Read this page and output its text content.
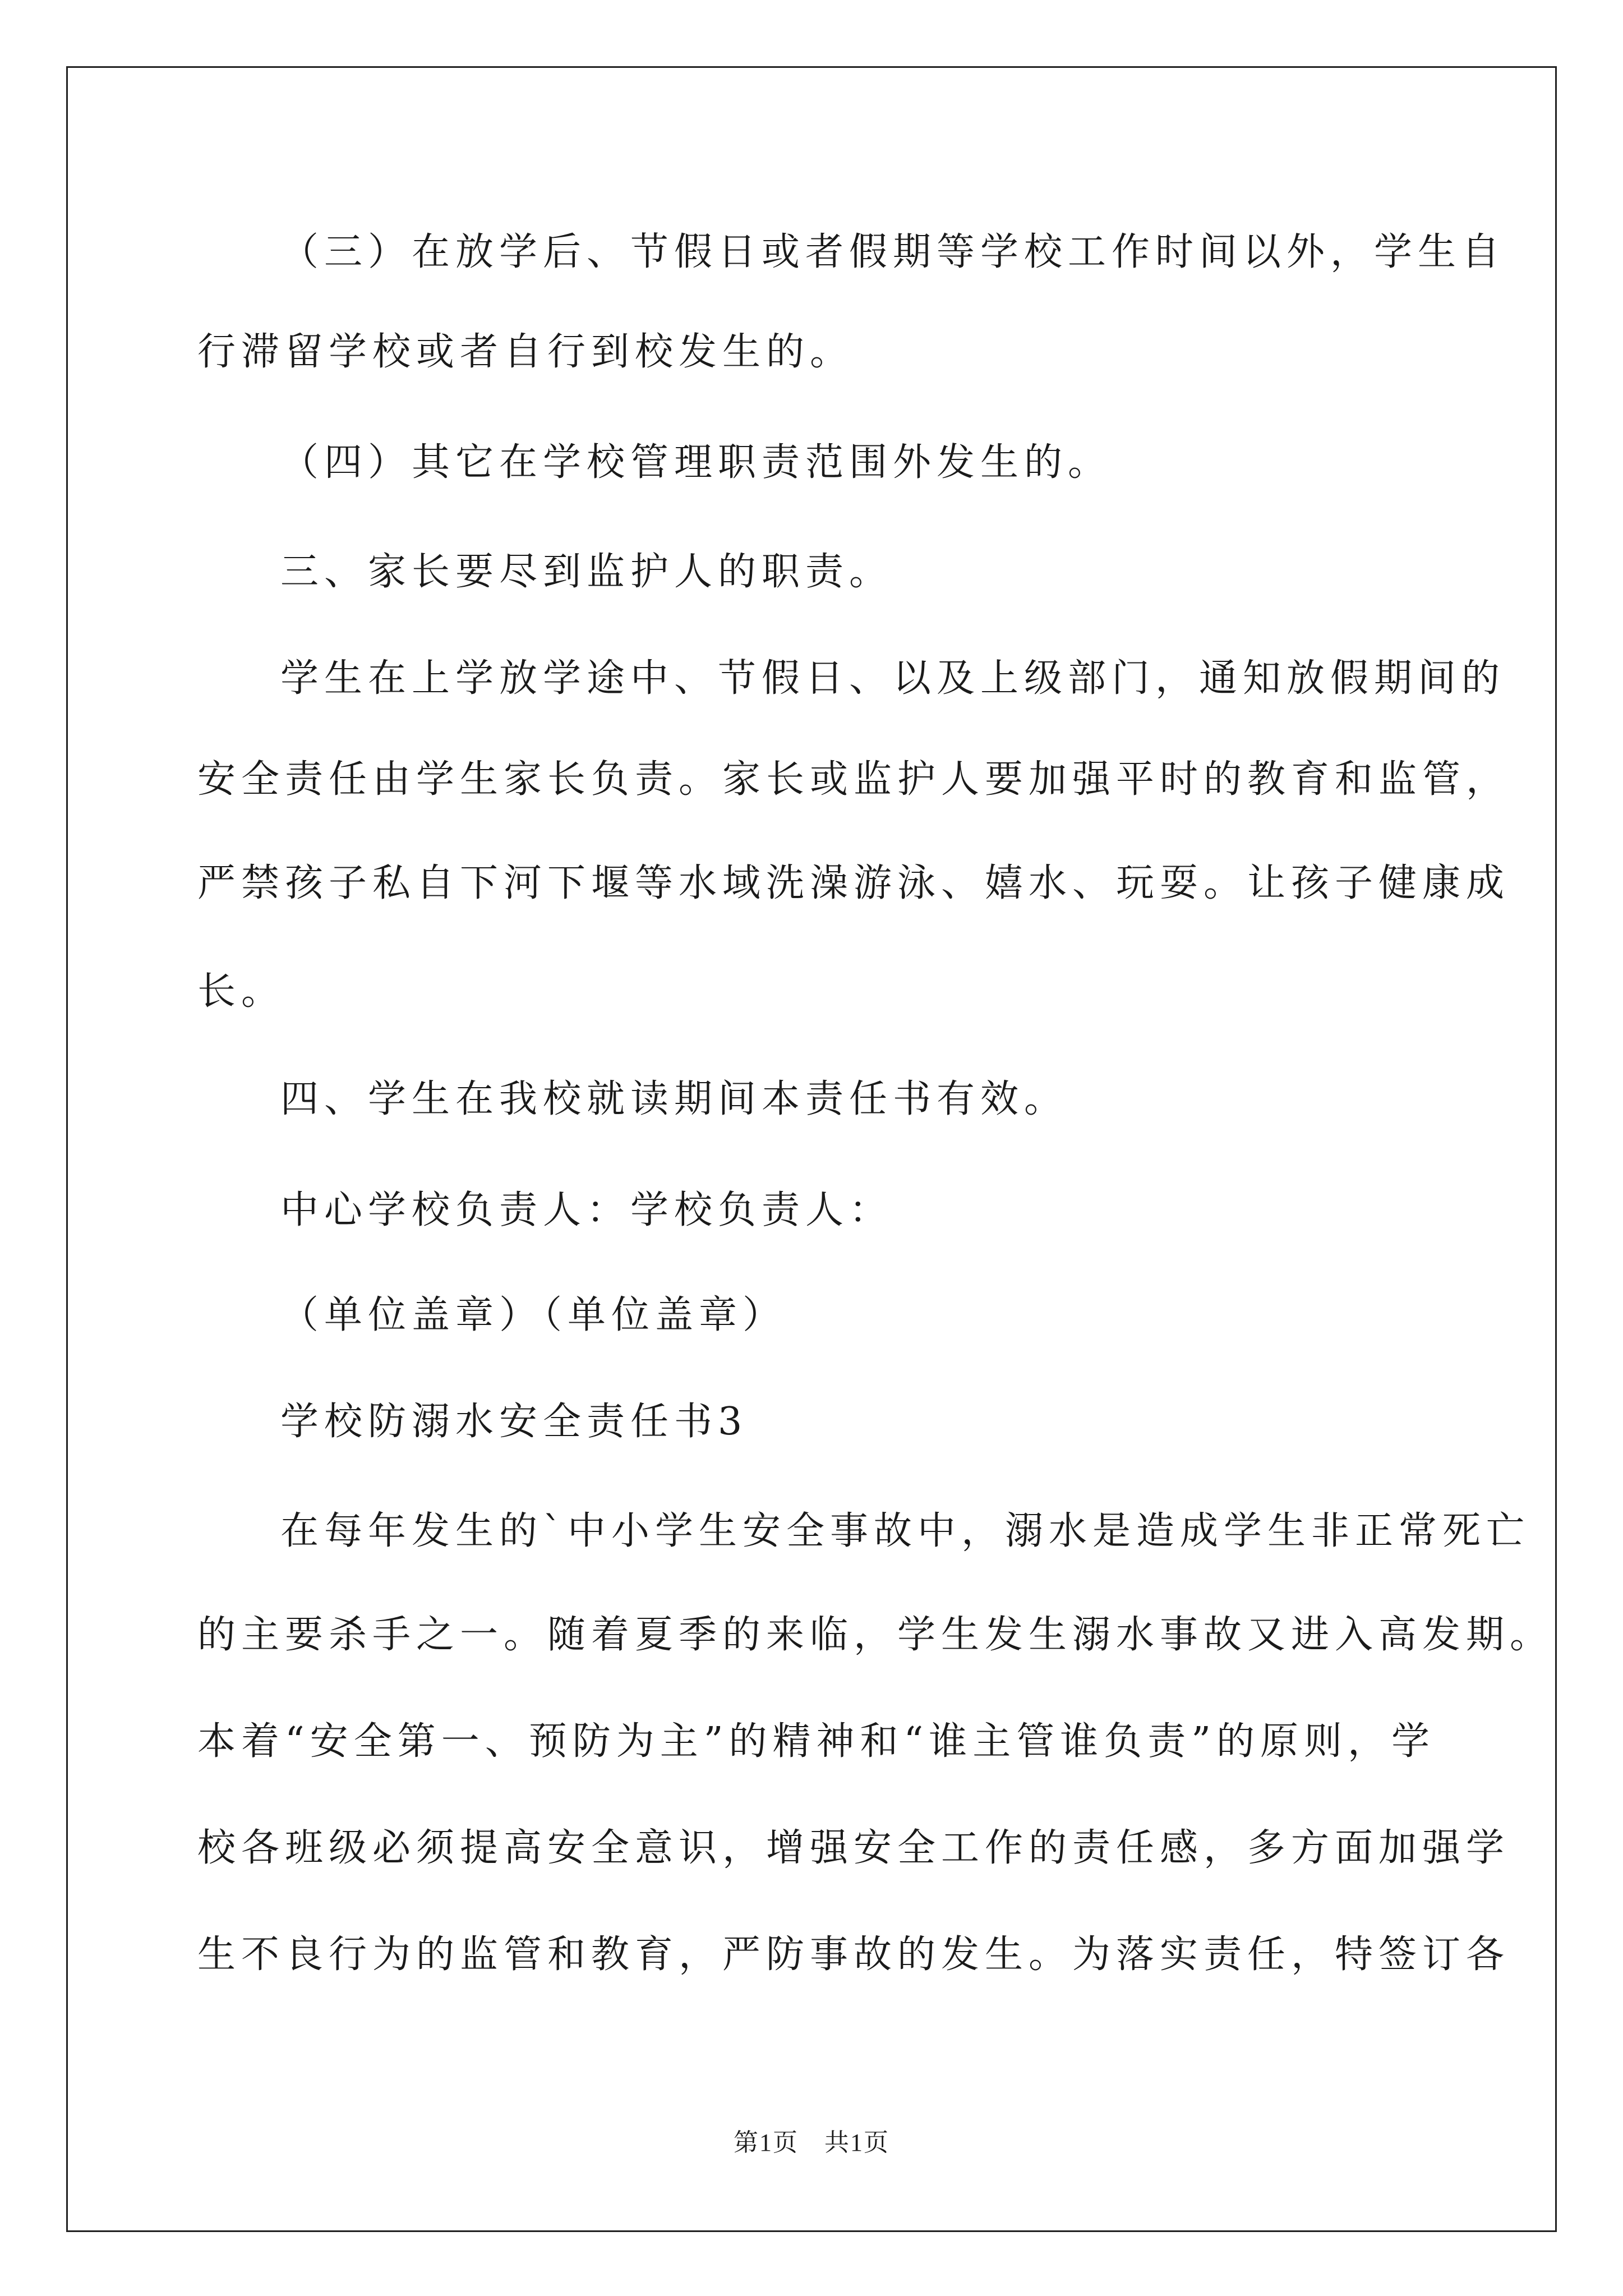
（三）在放学后、节假日或者假期等学校工作时间以外，学生自
行滞留学校或者自行到校发生的。
（四）其它在学校管理职责范围外发生的。
三、家长要尽到监护人的职责。
学生在上学放学途中、节假日、以及上级部门，通知放假期间的
安全责任由学生家长负责。家长或监护人要加强平时的教育和监管，
严禁孩子私自下河下堰等水域洗澡游泳、嬉水、玩耍。让孩子健康成
长。
四、学生在我校就读期间本责任书有效。
中心学校负责人：学校负责人：
（单位盖章）（单位盖章）
学校防溺水安全责任书3
在每年发生的`中小学生安全事故中，溺水是造成学生非正常死亡
的主要杀手之一。随着夏季的来临，学生发生溺水事故又进入高发期。
本着“安全第一、预防为主”的精神和“谁主管谁负责”的原则，学
校各班级必须提高安全意识，增强安全工作的责任感，多方面加强学
生不良行为的监管和教育，严防事故的发生。为落实责任，特签订各
第1页　共1页
